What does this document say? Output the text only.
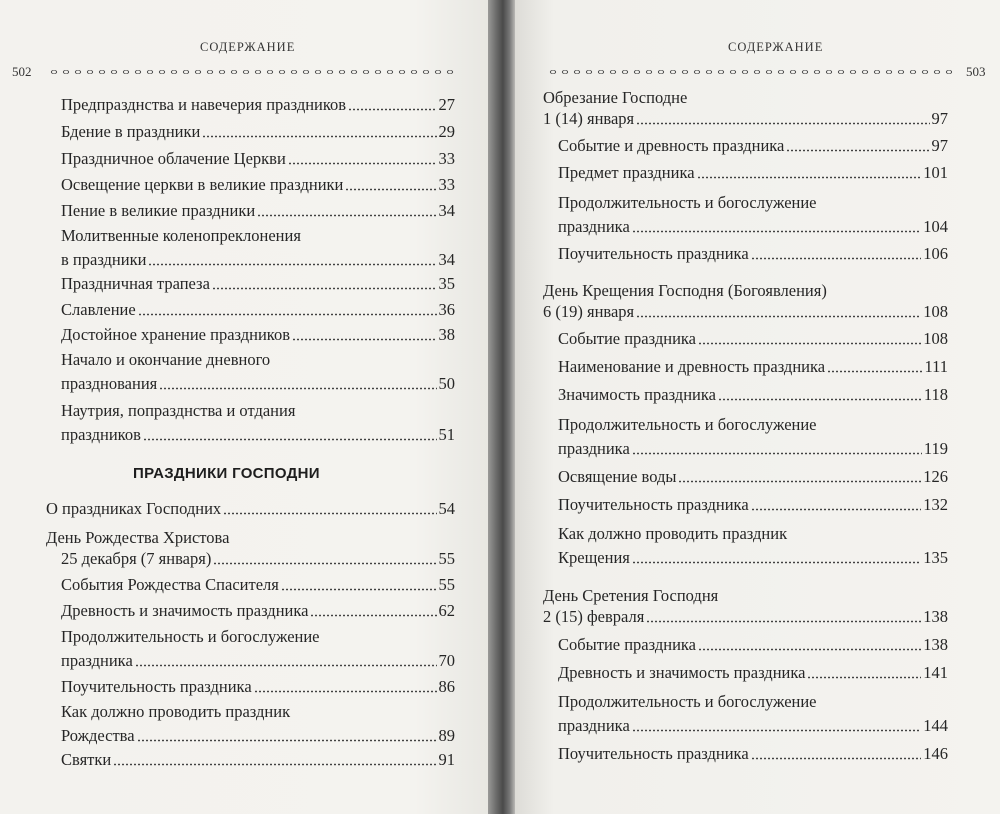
СОДЕРЖАНИЕ
502
Предпразднства и навечерия праздников	27
Бдение в праздники	29
Праздничное облачение Церкви	33
Освещение церкви в великие праздники	33
Пение в великие праздники	34
Молитвенные коленопреклонения
в праздники	34
Праздничная трапеза	35
Славление	36
Достойное хранение праздников	38
Начало и окончание дневного
празднования	50
Наутрия, попразднства и отдания
праздников	51
ПРАЗДНИКИ ГОСПОДНИ
О праздниках Господних	54
День Рождества Христова
25 декабря (7 января)	55
События Рождества Спасителя	55
Древность и значимость праздника	62
Продолжительность и богослужение
праздника	70
Поучительность праздника	86
Как должно проводить праздник
Рождества	89
Святки	91
СОДЕРЖАНИЕ
503
Обрезание Господне
1 (14) января	97
Событие и древность праздника	97
Предмет праздника	101
Продолжительность и богослужение
праздника	104
Поучительность праздника	106
День Крещения Господня (Богоявления)
6 (19) января	108
Событие праздника	108
Наименование и древность праздника	111
Значимость праздника	118
Продолжительность и богослужение
праздника	119
Освящение воды	126
Поучительность праздника	132
Как должно проводить праздник
Крещения	135
День Сретения Господня
2 (15) февраля	138
Событие праздника	138
Древность и значимость праздника	141
Продолжительность и богослужение
праздника	144
Поучительность праздника	146
